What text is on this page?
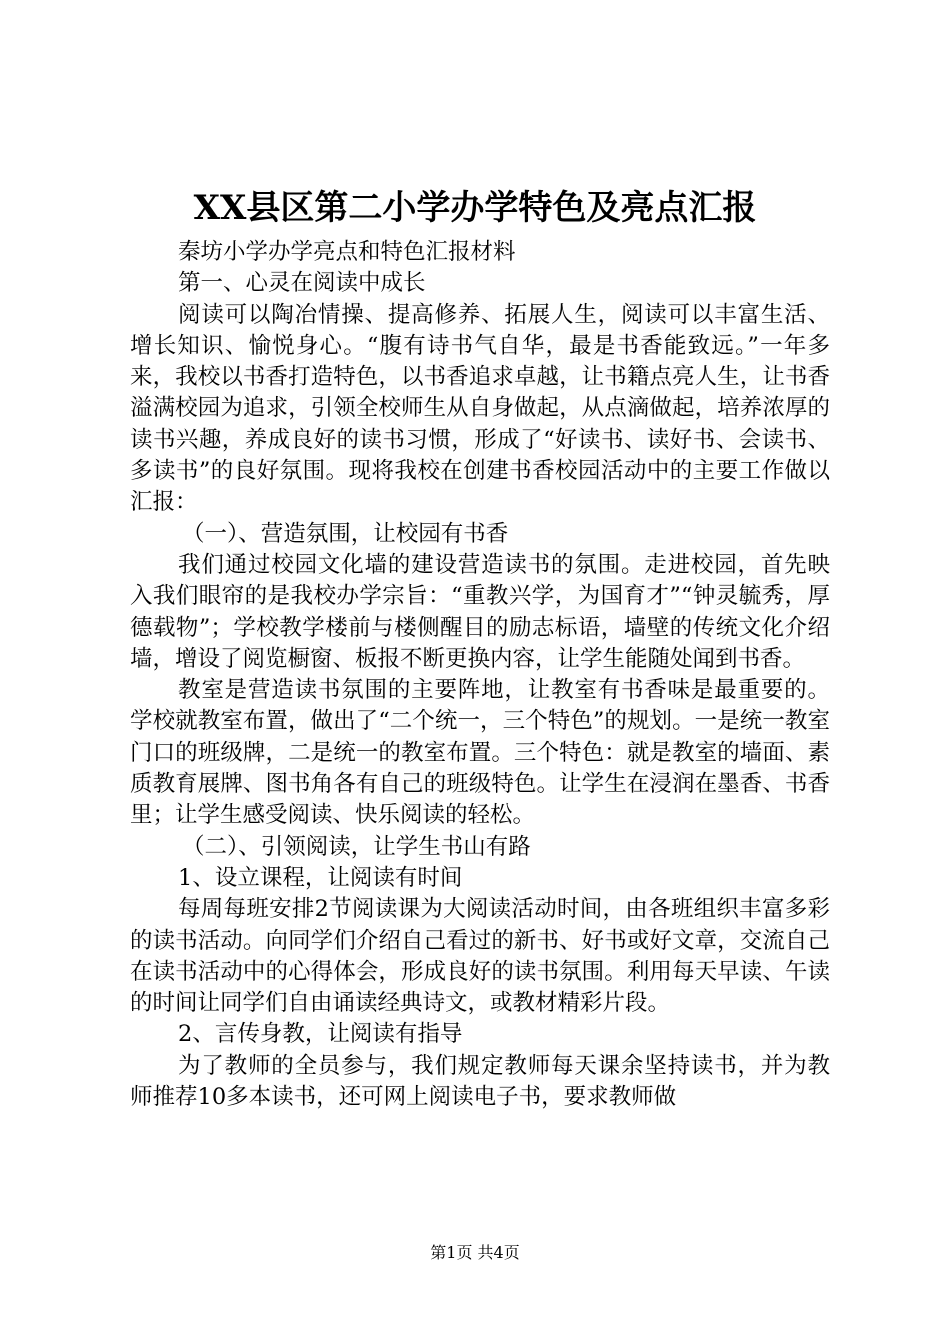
XX县区第二小学办学特色及亮点汇报

秦坊小学办学亮点和特色汇报材料

第一、心灵在阅读中成长

阅读可以陶冶情操、提高修养、拓展人生，阅读可以丰富生活、增长知识、愉悦身心。“腹有诗书气自华，最是书香能致远。”一年多来，我校以书香打造特色，以书香追求卓越，让书籍点亮人生，让书香溢满校园为追求，引领全校师生从自身做起，从点滴做起，培养浓厚的读书兴趣，养成良好的读书习惯，形成了“好读书、读好书、会读书、多读书”的良好氛围。现将我校在创建书香校园活动中的主要工作做以汇报：

（一）、营造氛围，让校园有书香

我们通过校园文化墙的建设营造读书的氛围。走进校园，首先映入我们眼帘的是我校办学宗旨：“重教兴学，为国育才”“钟灵毓秀，厚德载物”；学校教学楼前与楼侧醒目的励志标语，墙壁的传统文化介绍墙，增设了阅览橱窗、板报不断更换内容，让学生能随处闻到书香。

教室是营造读书氛围的主要阵地，让教室有书香味是最重要的。学校就教室布置，做出了“二个统一，三个特色”的规划。一是统一教室门口的班级牌，二是统一的教室布置。三个特色：就是教室的墙面、素质教育展牌、图书角各有自己的班级特色。让学生在浸润在墨香、书香里；让学生感受阅读、快乐阅读的轻松。

（二）、引领阅读，让学生书山有路

1、设立课程，让阅读有时间

每周每班安排2节阅读课为大阅读活动时间，由各班组织丰富多彩的读书活动。向同学们介绍自己看过的新书、好书或好文章，交流自己在读书活动中的心得体会，形成良好的读书氛围。利用每天早读、午读的时间让同学们自由诵读经典诗文，或教材精彩片段。

2、言传身教，让阅读有指导

为了教师的全员参与，我们规定教师每天课余坚持读书，并为教师推荐10多本读书，还可网上阅读电子书，要求教师做

第1页 共4页
